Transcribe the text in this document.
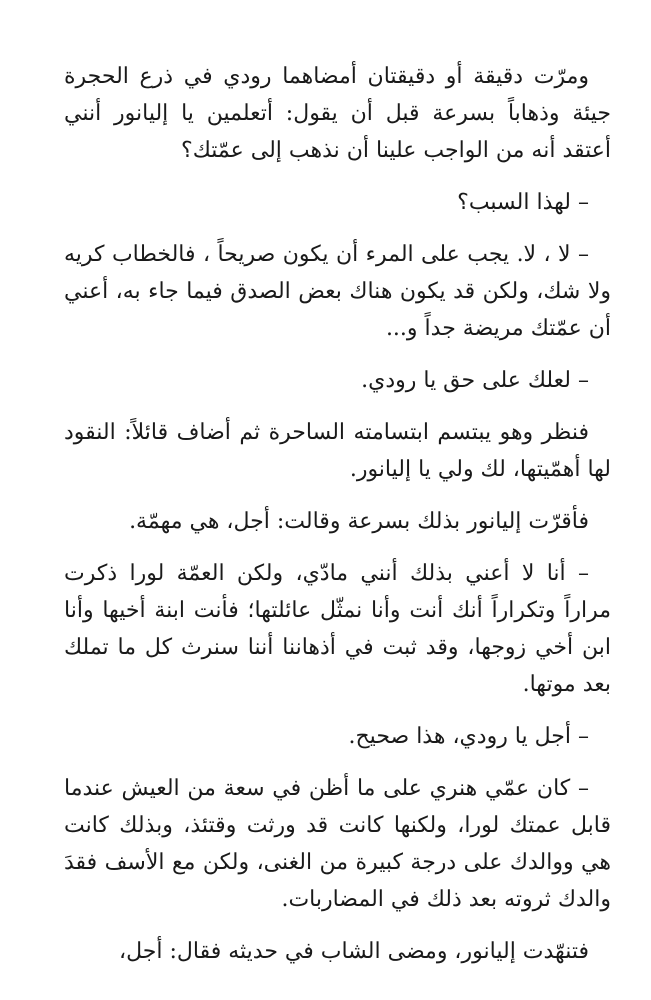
ومرّت دقيقة أو دقيقتان أمضاهما رودي في ذرع الحجرة جيئة وذهاباً بسرعة قبل أن يقول: أتعلمين يا إليانور أنني أعتقد أنه من الواجب علينا أن نذهب إلى عمّتك؟

– لهذا السبب؟

– لا ، لا. يجب على المرء أن يكون صريحاً ، فالخطاب كريه ولا شك، ولكن قد يكون هناك بعض الصدق فيما جاء به، أعني أن عمّتك مريضة جداً و...

– لعلك على حق يا رودي.

فنظر وهو يبتسم ابتسامته الساحرة ثم أضاف قائلاً: النقود لها أهمّيتها، لك ولي يا إليانور.

فأقرّت إليانور بذلك بسرعة وقالت: أجل، هي مهمّة.

– أنا لا أعني بذلك أنني مادّي، ولكن العمّة لورا ذكرت مراراً وتكراراً أنك أنت وأنا نمثّل عائلتها؛ فأنت ابنة أخيها وأنا ابن أخي زوجها، وقد ثبت في أذهاننا أننا سنرث كل ما تملك بعد موتها.

– أجل يا رودي، هذا صحيح.

– كان عمّي هنري على ما أظن في سعة من العيش عندما قابل عمتك لورا، ولكنها كانت قد ورثت وقتئذ، وبذلك كانت هي ووالدك على درجة كبيرة من الغنى، ولكن مع الأسف فقدَ والدك ثروته بعد ذلك في المضاربات.

فتنهّدت إليانور، ومضى الشاب في حديثه فقال: أجل،
